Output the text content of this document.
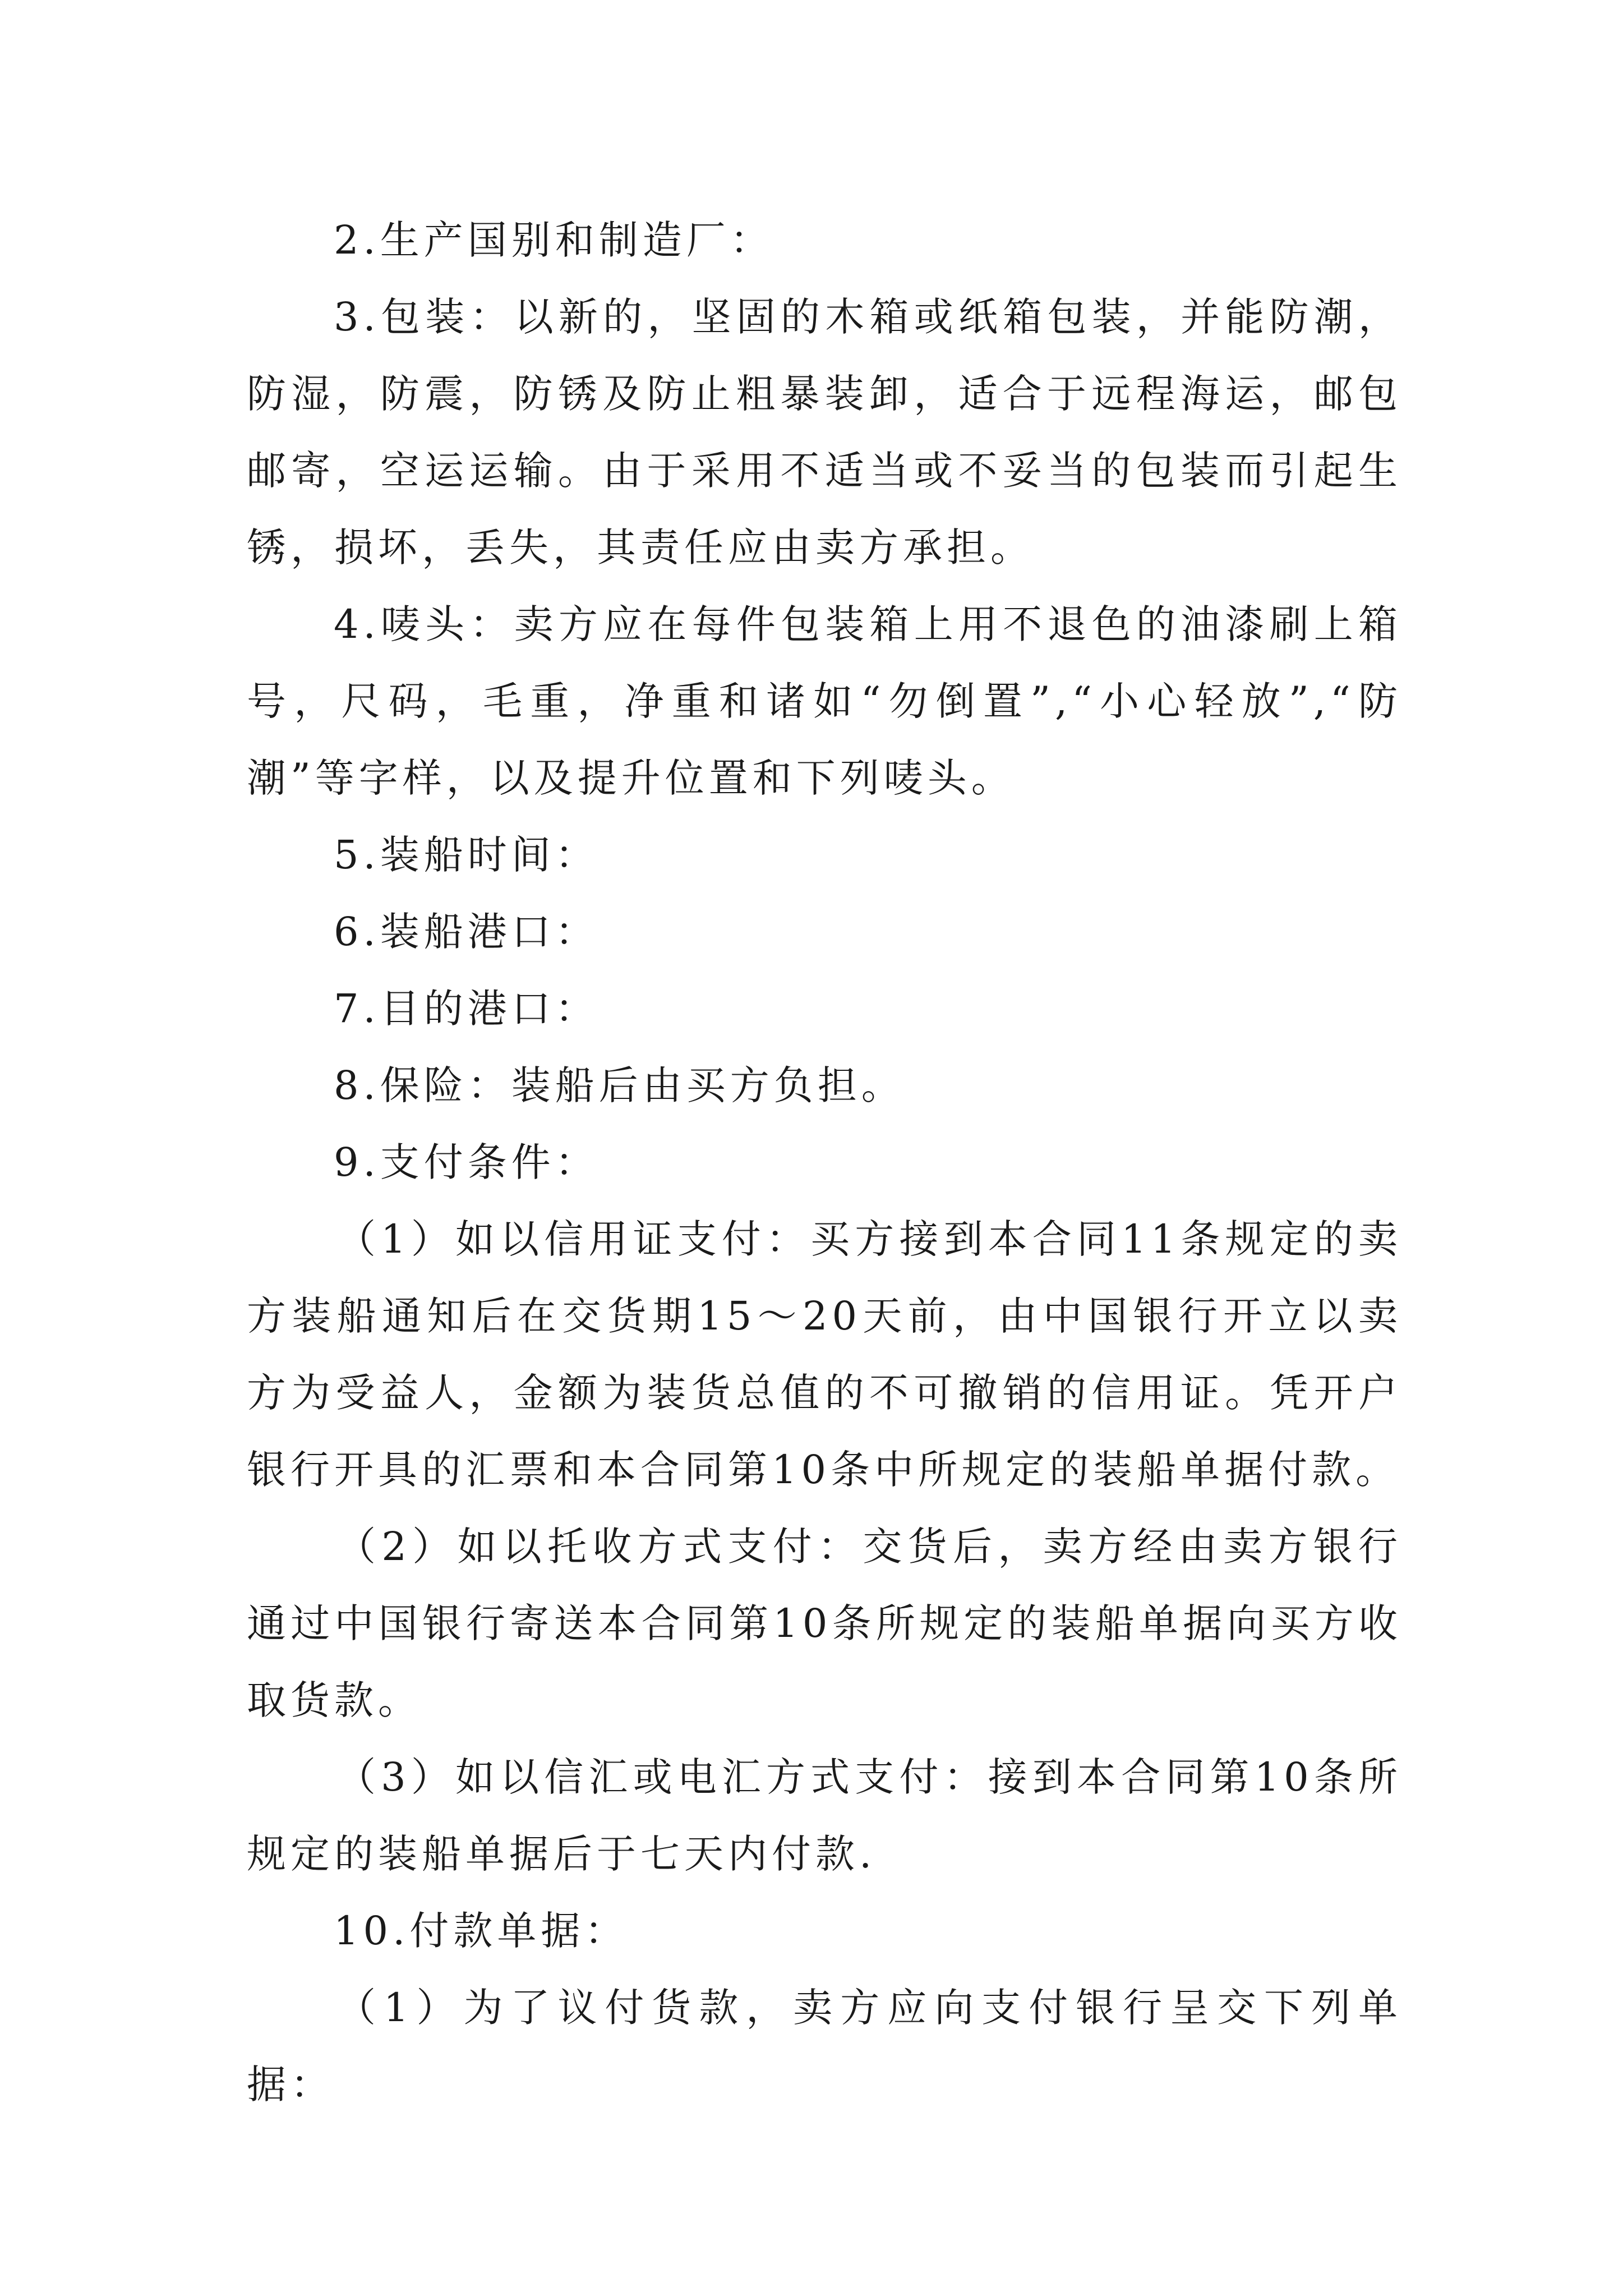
2.生产国别和制造厂：

3.包装：以新的，坚固的木箱或纸箱包装，并能防潮，防湿，防震，防锈及防止粗暴装卸，适合于远程海运，邮包邮寄，空运运输。由于采用不适当或不妥当的包装而引起生锈，损坏，丢失，其责任应由卖方承担。

4.唛头：卖方应在每件包装箱上用不退色的油漆刷上箱号，尺码，毛重，净重和诸如“勿倒置”,“小心轻放”,“防潮”等字样，以及提升位置和下列唛头。

5.装船时间：

6.装船港口：

7.目的港口：

8.保险：装船后由买方负担。

9.支付条件：

（1）如以信用证支付：买方接到本合同11条规定的卖方装船通知后在交货期15～20天前，由中国银行开立以卖方为受益人，金额为装货总值的不可撤销的信用证。凭开户银行开具的汇票和本合同第10条中所规定的装船单据付款。

（2）如以托收方式支付：交货后，卖方经由卖方银行通过中国银行寄送本合同第10条所规定的装船单据向买方收取货款。

（3）如以信汇或电汇方式支付：接到本合同第10条所规定的装船单据后于七天内付款.

10.付款单据：

（1）为了议付货款，卖方应向支付银行呈交下列单据：
